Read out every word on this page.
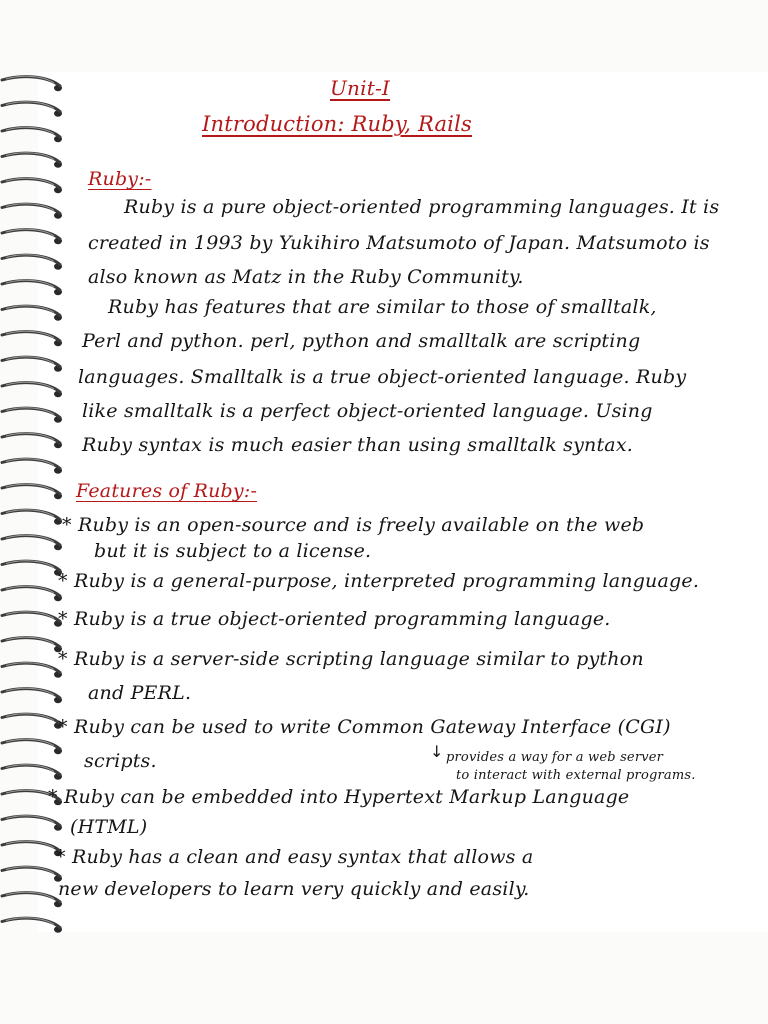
Unit-I
Introduction: Ruby, Rails
Ruby:-
Ruby is a pure object-oriented programming languages. It is
created in 1993 by Yukihiro Matsumoto of Japan. Matsumoto is
also known as Matz in the Ruby Community.
Ruby has features that are similar to those of smalltalk,
Perl and python. perl, python and smalltalk are scripting
languages. Smalltalk is a true object-oriented language. Ruby
like smalltalk is a perfect object-oriented language. Using
Ruby syntax is much easier than using smalltalk syntax.
Features of Ruby:-
* Ruby is an open-source and is freely available on the web
but it is subject to a license.
* Ruby is a general-purpose, interpreted programming language.
* Ruby is a true object-oriented programming language.
* Ruby is a server-side scripting language similar to python
and PERL.
* Ruby can be used to write Common Gateway Interface (CGI)
scripts.	↓ provides a way for a web server
to interact with external programs.
* Ruby can be embedded into Hypertext Markup Language
(HTML)
* Ruby has a clean and easy syntax that allows a
new developers to learn very quickly and easily.
